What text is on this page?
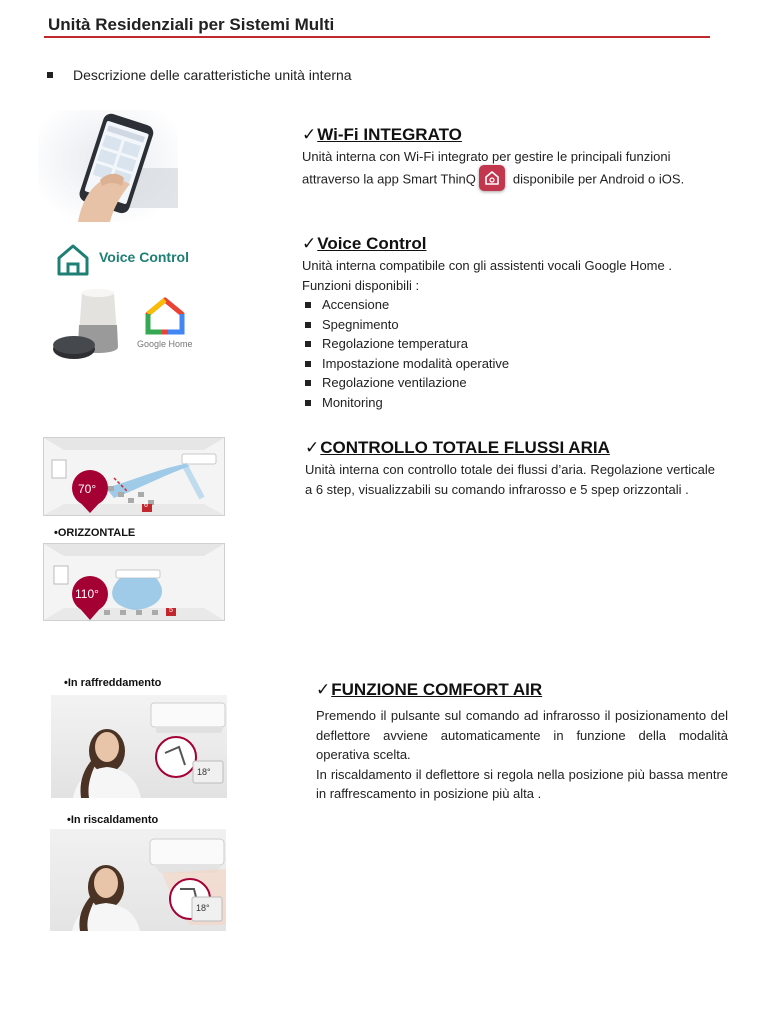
Unità Residenziali per Sistemi Multi
Descrizione delle caratteristiche unità interna
✓Wi-Fi INTEGRATO
Unità interna con Wi-Fi integrato per gestire le principali funzioni
attraverso la app Smart ThinQ	disponibile per Android o iOS.
Voice Control
Google Home
✓Voice Control
Unità interna compatibile con gli assistenti vocali Google Home .
Funzioni disponibili :
Accensione
Spegnimento
Regolazione temperatura
Impostazione modalità operative
Regolazione ventilazione
Monitoring
70°
6
•ORIZZONTALE
110°
5
✓CONTROLLO TOTALE FLUSSI ARIA
Unità interna con controllo totale dei flussi d’aria. Regolazione verticale a 6 step, visualizzabili su comando infrarosso e 5 spep orizzontali .
•In raffreddamento
18°
•In riscaldamento
18°
✓FUNZIONE COMFORT AIR
Premendo il pulsante sul comando ad infrarosso il posizionamento del deflettore avviene automaticamente in funzione della modalità operativa scelta.
In riscaldamento il deflettore si regola nella posizione più bassa mentre in raffrescamento in posizione più alta .
